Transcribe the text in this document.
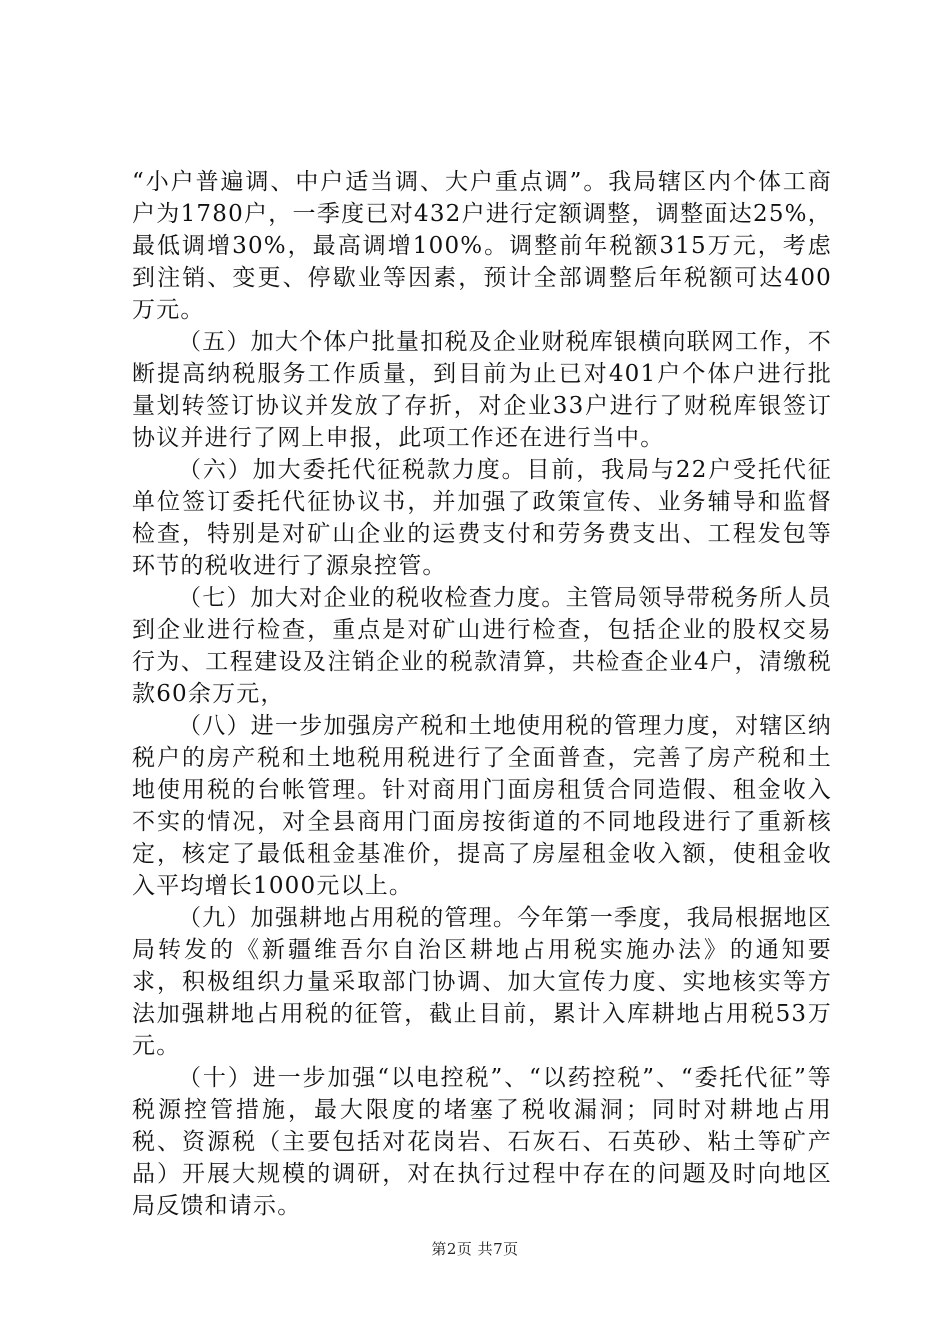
“小户普遍调、中户适当调、大户重点调”。我局辖区内个体工商户为1780户，一季度已对432户进行定额调整，调整面达25%，最低调增30%，最高调增100%。调整前年税额315万元，考虑到注销、变更、停歇业等因素，预计全部调整后年税额可达400万元。

（五）加大个体户批量扣税及企业财税库银横向联网工作，不断提高纳税服务工作质量，到目前为止已对401户个体户进行批量划转签订协议并发放了存折，对企业33户进行了财税库银签订协议并进行了网上申报，此项工作还在进行当中。

（六）加大委托代征税款力度。目前，我局与22户受托代征单位签订委托代征协议书，并加强了政策宣传、业务辅导和监督检查，特别是对矿山企业的运费支付和劳务费支出、工程发包等环节的税收进行了源泉控管。

（七）加大对企业的税收检查力度。主管局领导带税务所人员到企业进行检查，重点是对矿山进行检查，包括企业的股权交易行为、工程建设及注销企业的税款清算，共检查企业4户，清缴税款60余万元，

（八）进一步加强房产税和土地使用税的管理力度，对辖区纳税户的房产税和土地税用税进行了全面普查，完善了房产税和土地使用税的台帐管理。针对商用门面房租赁合同造假、租金收入不实的情况，对全县商用门面房按街道的不同地段进行了重新核定，核定了最低租金基准价，提高了房屋租金收入额，使租金收入平均增长1000元以上。

（九）加强耕地占用税的管理。今年第一季度，我局根据地区局转发的《新疆维吾尔自治区耕地占用税实施办法》的通知要求，积极组织力量采取部门协调、加大宣传力度、实地核实等方法加强耕地占用税的征管，截止目前，累计入库耕地占用税53万元。

（十）进一步加强“以电控税”、“以药控税”、“委托代征”等税源控管措施，最大限度的堵塞了税收漏洞；同时对耕地占用税、资源税（主要包括对花岗岩、石灰石、石英砂、粘土等矿产品）开展大规模的调研，对在执行过程中存在的问题及时向地区局反馈和请示。

第2页 共7页
